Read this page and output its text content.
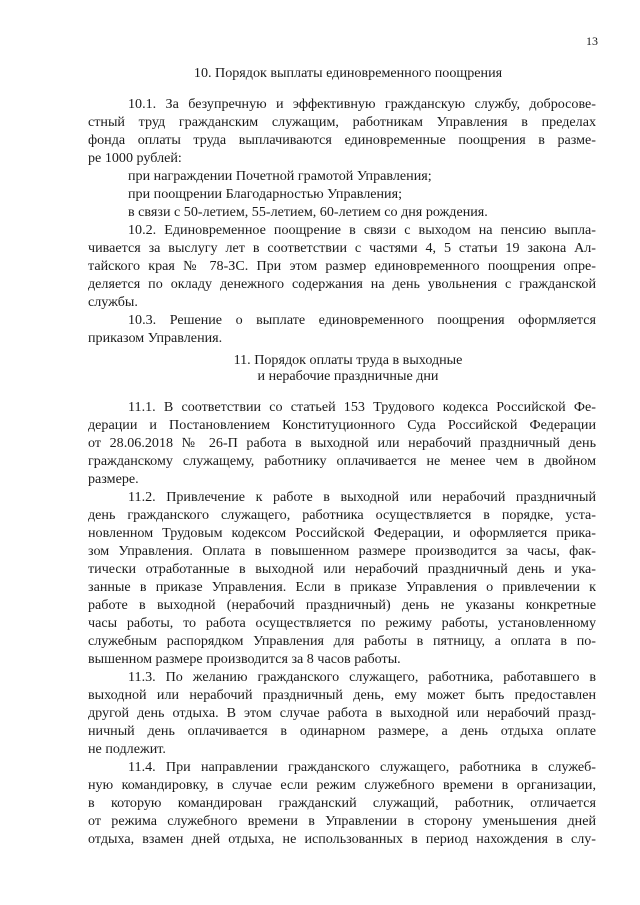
13
10. Порядок выплаты единовременного поощрения
10.1. За безупречную и эффективную гражданскую службу, добросове-
стный труд гражданским служащим, работникам Управления в пределах
фонда оплаты труда выплачиваются единовременные поощрения в разме-
ре 1000 рублей:
при награждении Почетной грамотой Управления;
при поощрении Благодарностью Управления;
в связи с 50-летием, 55-летием, 60-летием со дня рождения.
10.2. Единовременное поощрение в связи с выходом на пенсию выпла-
чивается за выслугу лет в соответствии с частями 4, 5 статьи 19 закона Ал-
тайского края № 78-ЗС. При этом размер единовременного поощрения опре-
деляется по окладу денежного содержания на день увольнения с гражданской
службы.
10.3. Решение о выплате единовременного поощрения оформляется
приказом Управления.
11. Порядок оплаты труда в выходные
и нерабочие праздничные дни
11.1. В соответствии со статьей 153 Трудового кодекса Российской Фе-
дерации и Постановлением Конституционного Суда Российской Федерации
от 28.06.2018 № 26-П работа в выходной или нерабочий праздничный день
гражданскому служащему, работнику оплачивается не менее чем в двойном
размере.
11.2. Привлечение к работе в выходной или нерабочий праздничный
день гражданского служащего, работника осуществляется в порядке, уста-
новленном Трудовым кодексом Российской Федерации, и оформляется прика-
зом Управления. Оплата в повышенном размере производится за часы, фак-
тически отработанные в выходной или нерабочий праздничный день и ука-
занные в приказе Управления. Если в приказе Управления о привлечении к
работе в выходной (нерабочий праздничный) день не указаны конкретные
часы работы, то работа осуществляется по режиму работы, установленному
служебным распорядком Управления для работы в пятницу, а оплата в по-
вышенном размере производится за 8 часов работы.
11.3. По желанию гражданского служащего, работника, работавшего в
выходной или нерабочий праздничный день, ему может быть предоставлен
другой день отдыха. В этом случае работа в выходной или нерабочий празд-
ничный день оплачивается в одинарном размере, а день отдыха оплате
не подлежит.
11.4. При направлении гражданского служащего, работника в служеб-
ную командировку, в случае если режим служебного времени в организации,
в которую командирован гражданский служащий, работник, отличается
от режима служебного времени в Управлении в сторону уменьшения дней
отдыха, взамен дней отдыха, не использованных в период нахождения в слу-
